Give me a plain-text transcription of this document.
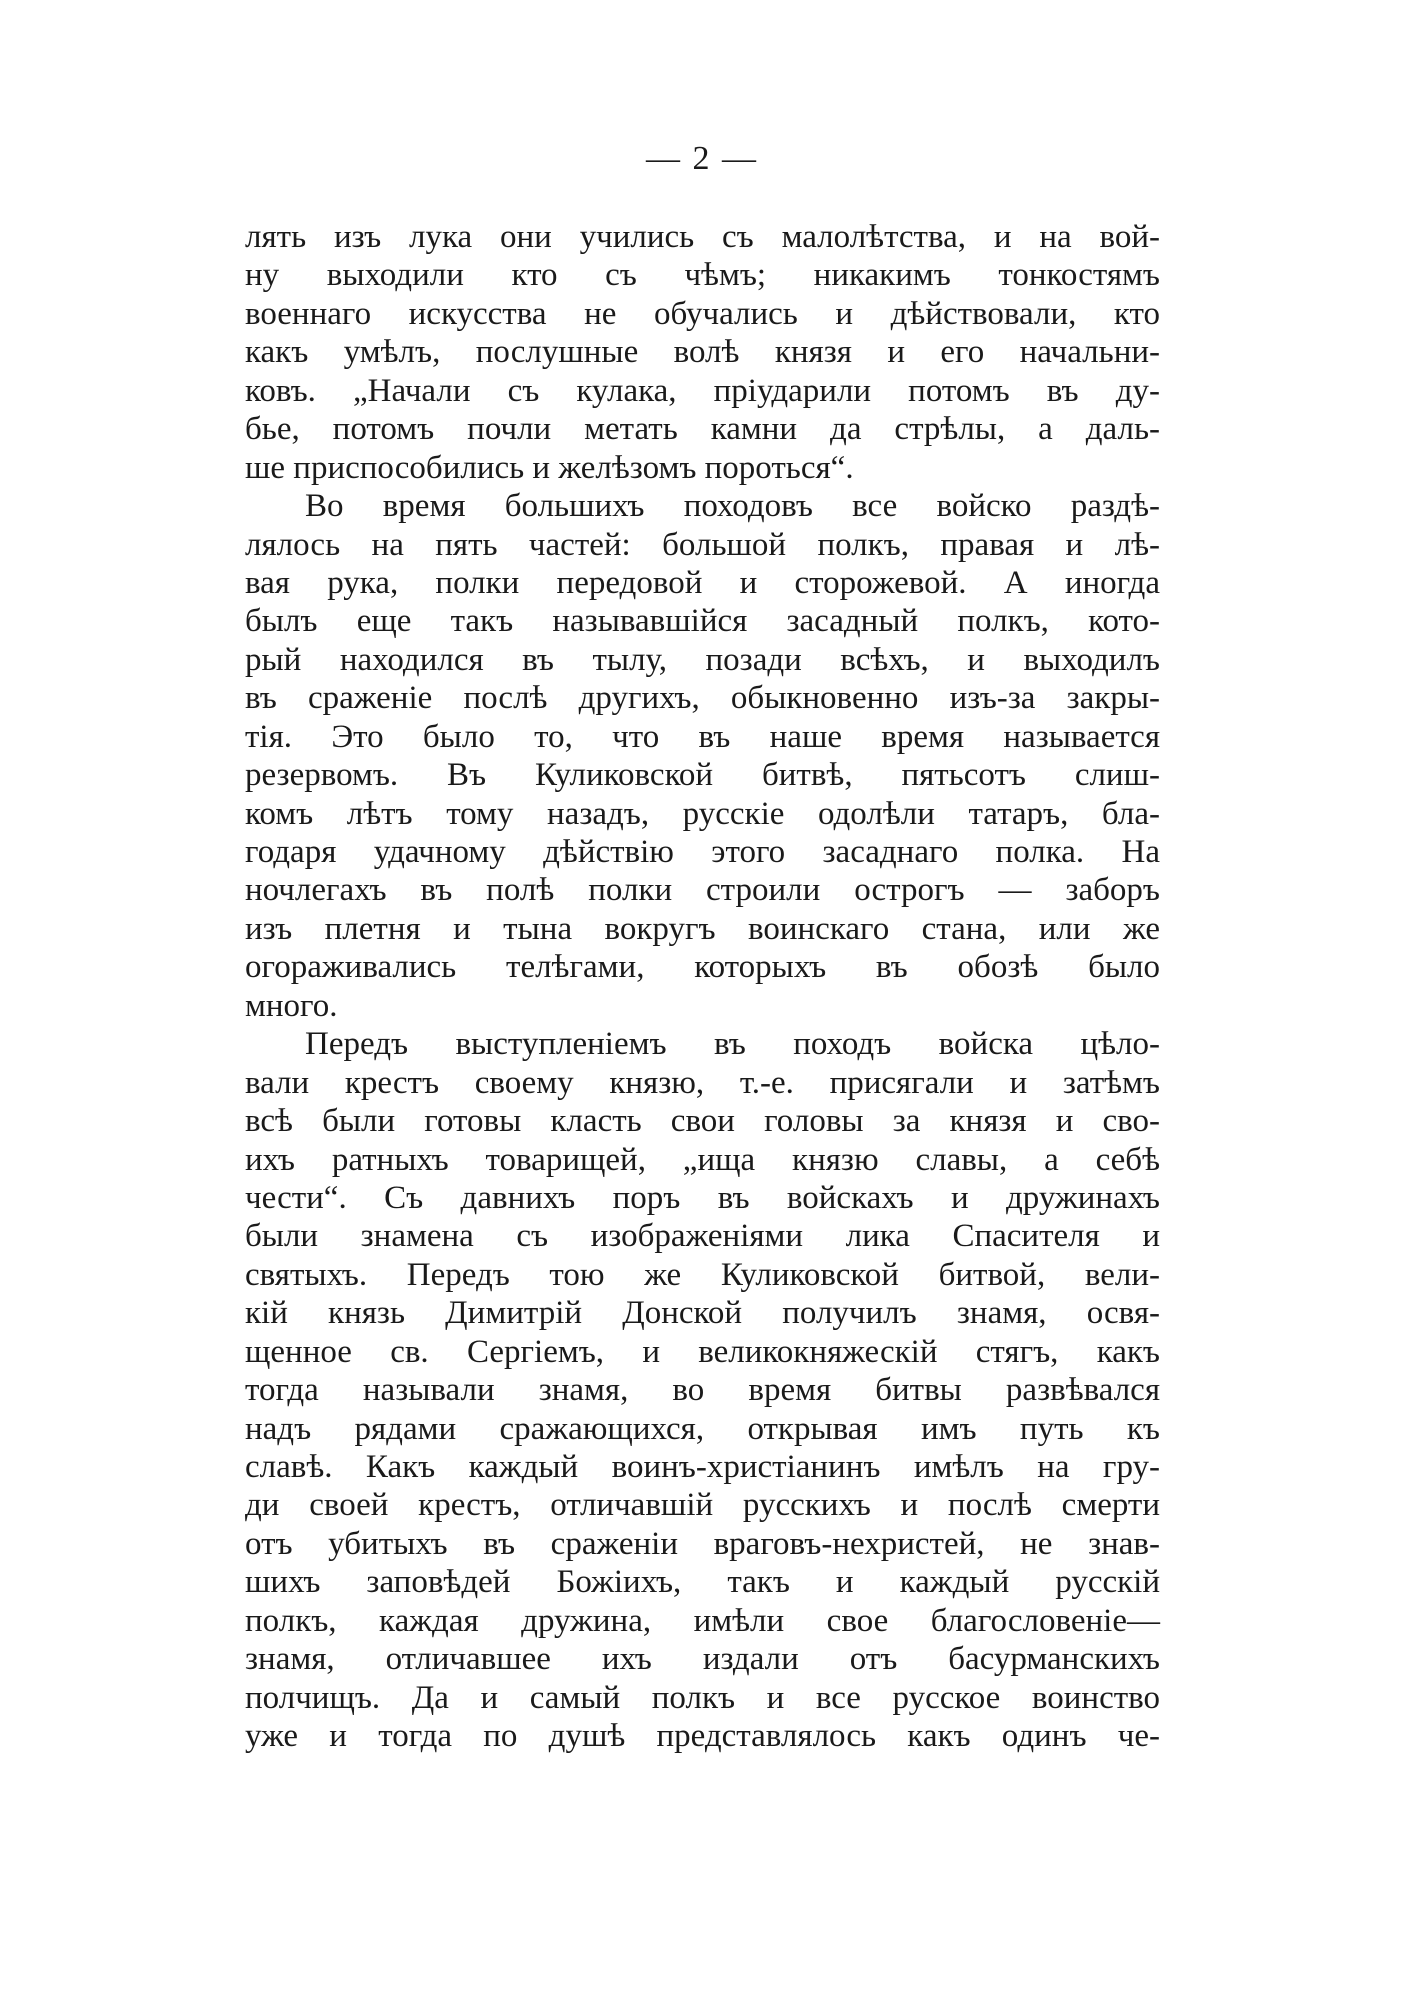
— 2 —
лять изъ лука они учились съ малолѣтства, и на вой-
ну выходили кто съ чѣмъ; никакимъ тонкостямъ
военнаго искусства не обучались и дѣйствовали, кто
какъ умѣлъ, послушные волѣ князя и его начальни-
ковъ. „Начали съ кулака, пріударили потомъ въ ду-
бье, потомъ почли метать камни да стрѣлы, а даль-
ше приспособились и желѣзомъ пороться“.
Во время большихъ походовъ все войско раздѣ-
лялось на пять частей: большой полкъ, правая и лѣ-
вая рука, полки передовой и сторожевой. А иногда
былъ еще такъ называвшійся засадный полкъ, кото-
рый находился въ тылу, позади всѣхъ, и выходилъ
въ сраженіе послѣ другихъ, обыкновенно изъ-за закры-
тія. Это было то, что въ наше время называется
резервомъ. Въ Куликовской битвѣ, пятьсотъ слиш-
комъ лѣтъ тому назадъ, русскіе одолѣли татаръ, бла-
годаря удачному дѣйствію этого засаднаго полка. На
ночлегахъ въ полѣ полки строили острогъ — заборъ
изъ плетня и тына вокругъ воинскаго стана, или же
огораживались телѣгами, которыхъ въ обозѣ было
много.
Передъ выступленіемъ въ походъ войска цѣло-
вали крестъ своему князю, т.-е. присягали и затѣмъ
всѣ были готовы класть свои головы за князя и сво-
ихъ ратныхъ товарищей, „ища князю славы, а себѣ
чести“. Съ давнихъ поръ въ войскахъ и дружинахъ
были знамена съ изображеніями лика Спасителя и
святыхъ. Передъ тою же Куликовской битвой, вели-
кій князь Димитрій Донской получилъ знамя, освя-
щенное св. Сергіемъ, и великокняжескій стягъ, какъ
тогда называли знамя, во время битвы развѣвался
надъ рядами сражающихся, открывая имъ путь къ
славѣ. Какъ каждый воинъ-христіанинъ имѣлъ на гру-
ди своей крестъ, отличавшій русскихъ и послѣ смерти
отъ убитыхъ въ сраженіи враговъ-нехристей, не знав-
шихъ заповѣдей Божіихъ, такъ и каждый русскій
полкъ, каждая дружина, имѣли свое благословеніе—
знамя, отличавшее ихъ издали отъ басурманскихъ
полчищъ. Да и самый полкъ и все русское воинство
уже и тогда по душѣ представлялось какъ одинъ че-
